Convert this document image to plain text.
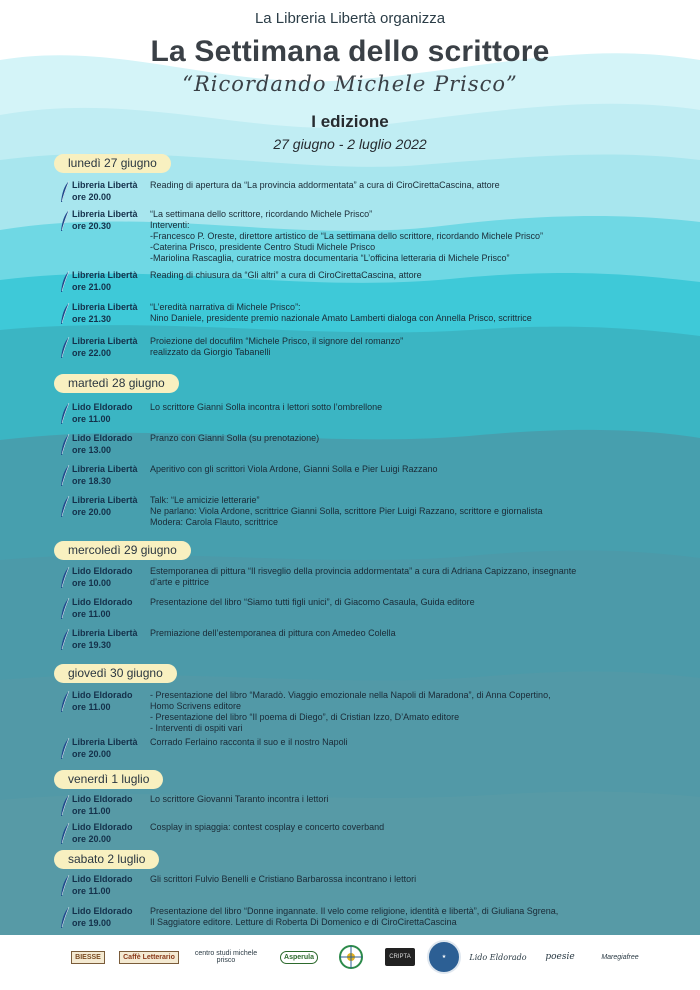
La Libreria Libertà organizza
La Settimana dello scrittore
“Ricordando Michele Prisco”
I edizione
27 giugno - 2 luglio 2022
lunedì 27 giugno
Libreria Libertà
ore 20.00
Reading di apertura da “La provincia addormentata” a cura di CiroCirettaCascina, attore
Libreria Libertà
ore 20.30
“La settimana dello scrittore, ricordando Michele Prisco”
Interventi:
-Francesco P. Oreste, direttore artistico de “La settimana dello scrittore, ricordando Michele Prisco”
-Caterina Prisco, presidente Centro Studi Michele Prisco
-Mariolina Rascaglia, curatrice mostra documentaria “L’officina letteraria di Michele Prisco”
Libreria Libertà
ore 21.00
Reading di chiusura da “Gli altri” a cura di CiroCirettaCascina, attore
Libreria Libertà
ore 21.30
“L’eredità narrativa di Michele Prisco”:
Nino Daniele, presidente premio nazionale Amato Lamberti dialoga con Annella Prisco, scrittrice
Libreria Libertà
ore 22.00
Proiezione del docufilm “Michele Prisco, il signore del romanzo”
realizzato da Giorgio Tabanelli
martedì 28 giugno
Lido Eldorado
ore 11.00
Lo scrittore Gianni Solla incontra i lettori sotto l’ombrellone
Lido Eldorado
ore 13.00
Pranzo con Gianni Solla (su prenotazione)
Libreria Libertà
ore 18.30
Aperitivo con gli scrittori Viola Ardone, Gianni Solla e Pier Luigi Razzano
Libreria Libertà
ore 20.00
Talk: “Le amicizie letterarie”
Ne parlano: Viola Ardone, scrittrice Gianni Solla, scrittore Pier Luigi Razzano, scrittore e giornalista
Modera: Carola Flauto, scrittrice
mercoledì 29 giugno
Lido Eldorado
ore 10.00
Estemporanea di pittura “Il risveglio della provincia addormentata” a cura di Adriana Capizzano, insegnante
d’arte e pittrice
Lido Eldorado
ore 11.00
Presentazione del libro “Siamo tutti figli unici”, di Giacomo Casaula, Guida editore
Libreria Libertà
ore 19.30
Premiazione dell’estemporanea di pittura con Amedeo Colella
giovedì 30 giugno
Lido Eldorado
ore 11.00
- Presentazione del libro “Maradò. Viaggio emozionale nella Napoli di Maradona”, di Anna Copertino,
Homo Scrivens editore
- Presentazione del libro “Il poema di Diego”, di Cristian Izzo, D’Amato editore
- Interventi di ospiti vari
Libreria Libertà
ore 20.00
Corrado Ferlaino racconta il suo e il nostro Napoli
venerdì 1 luglio
Lido Eldorado
ore 11.00
Lo scrittore Giovanni Taranto incontra i lettori
Lido Eldorado
ore 20.00
Cosplay in spiaggia: contest cosplay e concerto coverband
sabato 2 luglio
Lido Eldorado
ore 11.00
Gli scrittori Fulvio Benelli e Cristiano Barbarossa incontrano i lettori
Lido Eldorado
ore 19.00
Presentazione del libro “Donne ingannate. Il velo come religione, identità e libertà”, di Giuliana Sgrena,
Il Saggiatore editore. Letture di Roberta Di Domenico e di CiroCirettaCascina
BIESSE	Caffè Letterario	centro studi michele prisco	Asperula	CRIPTA	★	Lido Eldorado poesie	Maregiafree
